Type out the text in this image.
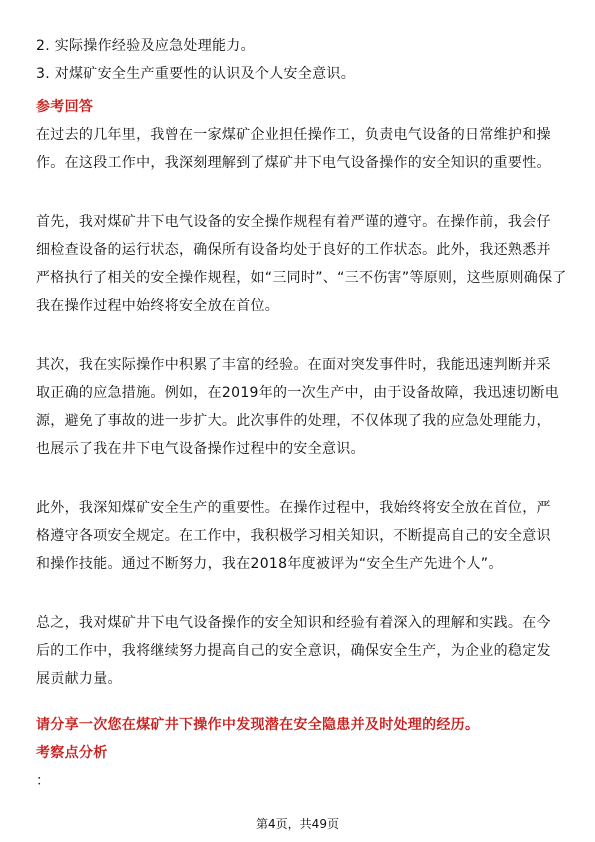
2. 实际操作经验及应急处理能力。
3. 对煤矿安全生产重要性的认识及个人安全意识。
参考回答
在过去的几年里，我曾在一家煤矿企业担任操作工，负责电气设备的日常维护和操
作。在这段工作中，我深刻理解到了煤矿井下电气设备操作的安全知识的重要性。
首先，我对煤矿井下电气设备的安全操作规程有着严谨的遵守。在操作前，我会仔
细检查设备的运行状态，确保所有设备均处于良好的工作状态。此外，我还熟悉并
严格执行了相关的安全操作规程，如“三同时”、“三不伤害”等原则，这些原则确保了
我在操作过程中始终将安全放在首位。
其次，我在实际操作中积累了丰富的经验。在面对突发事件时，我能迅速判断并采
取正确的应急措施。例如，在2019年的一次生产中，由于设备故障，我迅速切断电
源，避免了事故的进一步扩大。此次事件的处理，不仅体现了我的应急处理能力，
也展示了我在井下电气设备操作过程中的安全意识。
此外，我深知煤矿安全生产的重要性。在操作过程中，我始终将安全放在首位，严
格遵守各项安全规定。在工作中，我积极学习相关知识，不断提高自己的安全意识
和操作技能。通过不断努力，我在2018年度被评为“安全生产先进个人”。
总之，我对煤矿井下电气设备操作的安全知识和经验有着深入的理解和实践。在今
后的工作中，我将继续努力提高自己的安全意识，确保安全生产，为企业的稳定发
展贡献力量。
请分享一次您在煤矿井下操作中发现潜在安全隐患并及时处理的经历。
考察点分析
：
第4页，共49页
